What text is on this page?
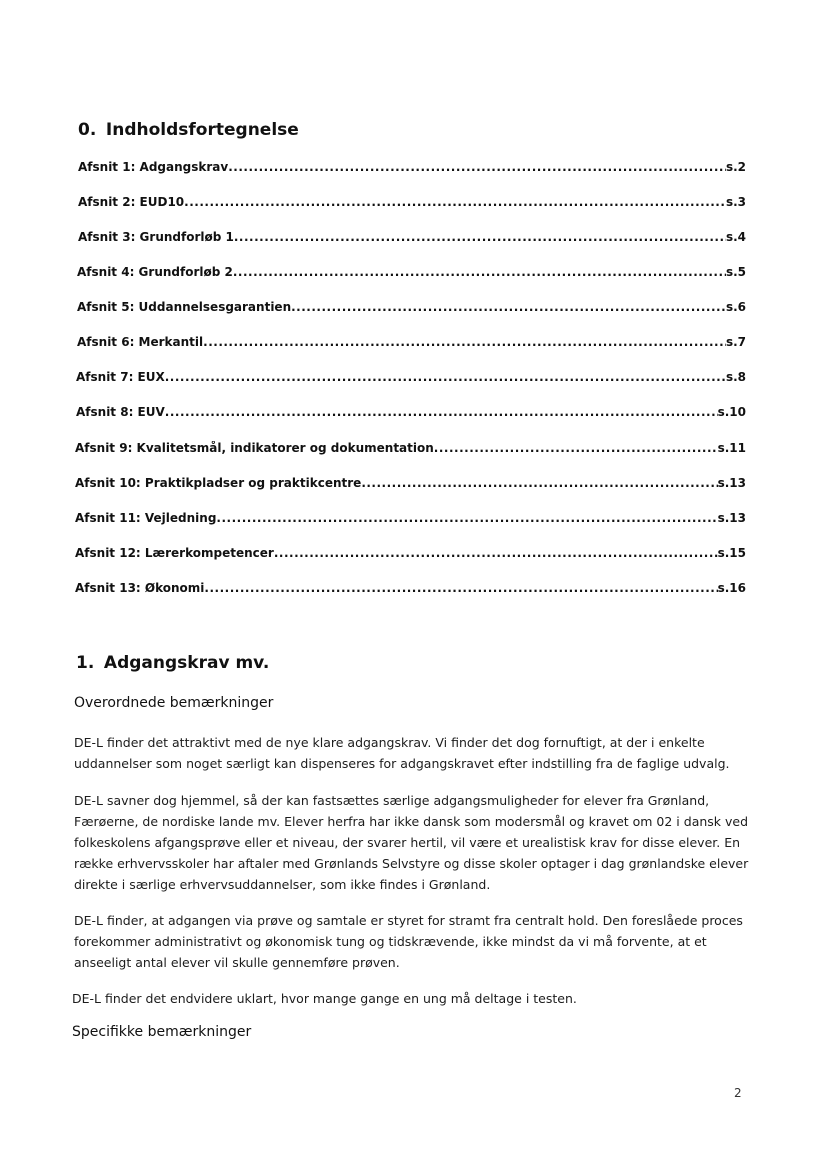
0. Indholdsfortegnelse
Afsnit 1: Adgangskrav .....	s.2
Afsnit 2: EUD10 .....	s.3
Afsnit 3: Grundforløb 1 .....	s.4
Afsnit 4: Grundforløb 2 .....	s.5
Afsnit 5: Uddannelsesgarantien .....	s.6
Afsnit 6: Merkantil .....	s.7
Afsnit 7: EUX .....	s.8
Afsnit 8: EUV .....	s.10
Afsnit 9: Kvalitetsmål, indikatorer og dokumentation .....	s.11
Afsnit 10: Praktikpladser og praktikcentre .....	s.13
Afsnit 11: Vejledning .....	s.13
Afsnit 12: Lærerkompetencer .....	s.15
Afsnit 13: Økonomi .....	s.16
1. Adgangskrav mv.
Overordnede bemærkninger
DE-L finder det attraktivt med de nye klare adgangskrav. Vi finder det dog fornuftigt, at der i enkelte
uddannelser som noget særligt kan dispenseres for adgangskravet efter indstilling fra de faglige udvalg.
DE-L savner dog hjemmel, så der kan fastsættes særlige adgangsmuligheder for elever fra Grønland,
Færøerne, de nordiske lande mv. Elever herfra har ikke dansk som modersmål og kravet om 02 i dansk ved
folkeskolens afgangsprøve eller et niveau, der svarer hertil, vil være et urealistisk krav for disse elever. En
række erhvervsskoler har aftaler med Grønlands Selvstyre og disse skoler optager i dag grønlandske elever
direkte i særlige erhvervsuddannelser, som ikke findes i Grønland.
DE-L finder, at adgangen via prøve og samtale er styret for stramt fra centralt hold. Den foreslåede proces
forekommer administrativt og økonomisk tung og tidskrævende, ikke mindst da vi må forvente, at et
anseeligt antal elever vil skulle gennemføre prøven.
DE-L finder det endvidere uklart, hvor mange gange en ung må deltage i testen.
Specifikke bemærkninger
2
